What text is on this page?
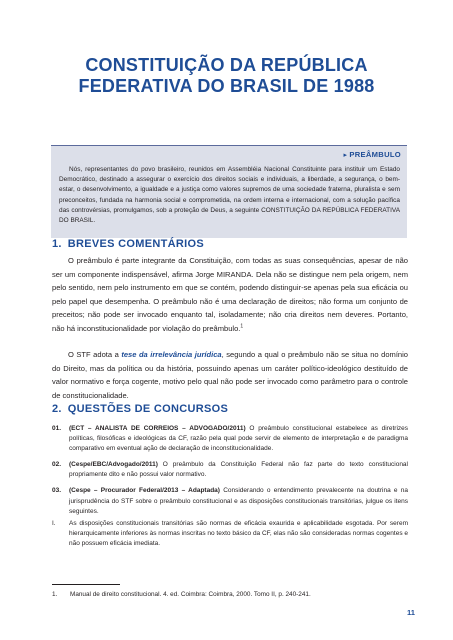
CONSTITUIÇÃO DA REPÚBLICA
FEDERATIVA DO BRASIL DE 1988
▸ PREÂMBULO

Nós, representantes do povo brasileiro, reunidos em Assembléia Nacional Constituinte para instituir um Estado Democrático, destinado a assegurar o exercício dos direitos sociais e individuais, a liberdade, a segurança, o bem-estar, o desenvolvimento, a igualdade e a justiça como valores supremos de uma sociedade fraterna, pluralista e sem preconceitos, fundada na harmonia social e comprometida, na ordem interna e internacional, com a solução pacífica das controvérsias, promulgamos, sob a proteção de Deus, a seguinte CONSTITUIÇÃO DA REPÚBLICA FEDERATIVA DO BRASIL.

1. BREVES COMENTÁRIOS

O preâmbulo é parte integrante da Constituição, com todas as suas consequências, apesar de não ser um componente indispensável, afirma Jorge MIRANDA. Dela não se distingue nem pela origem, nem pelo sentido, nem pelo instrumento em que se contém, podendo distinguir-se apenas pela sua eficácia ou pelo papel que desempenha. O preâmbulo não é uma declaração de direitos; não forma um conjunto de preceitos; não pode ser invocado enquanto tal, isoladamente; não cria direitos nem deveres. Portanto, não há inconstitucionalidade por violação do preâmbulo.$^1$

O STF adota a tese da irrelevância jurídica, segundo a qual o preâmbulo não se situa no domínio do Direito, mas da política ou da história, possuindo apenas um caráter político-ideológico destituído de valor normativo e força cogente, motivo pelo qual não pode ser invocado como parâmetro para o controle de constitucionalidade.

2. QUESTÕES DE CONCURSOS
01. (ECT – ANALISTA DE CORREIOS – ADVOGADO/2011) O preâmbulo constitucional estabelece as diretrizes políticas, filosóficas e ideológicas da CF, razão pela qual pode servir de elemento de interpretação e de paradigma comparativo em eventual ação de declaração de inconstitucionalidade.
02. (Cespe/EBC/Advogado/2011) O preâmbulo da Constituição Federal não faz parte do texto constitucional propriamente dito e não possui valor normativo.
03. (Cespe – Procurador Federal/2013 – Adaptada) Considerando o entendimento prevalecente na doutrina e na jurisprudência do STF sobre o preâmbulo constitucional e as disposições constitucionais transitórias, julgue os itens seguintes.
I. As disposições constitucionais transitórias são normas de eficácia exaurida e aplicabilidade esgotada. Por serem hierarquicamente inferiores às normas inscritas no texto básico da CF, elas não são consideradas normas cogentes e não possuem eficácia imediata.

1. Manual de direito constitucional. 4. ed. Coimbra: Coimbra, 2000. Tomo II, p. 240-241.

11
